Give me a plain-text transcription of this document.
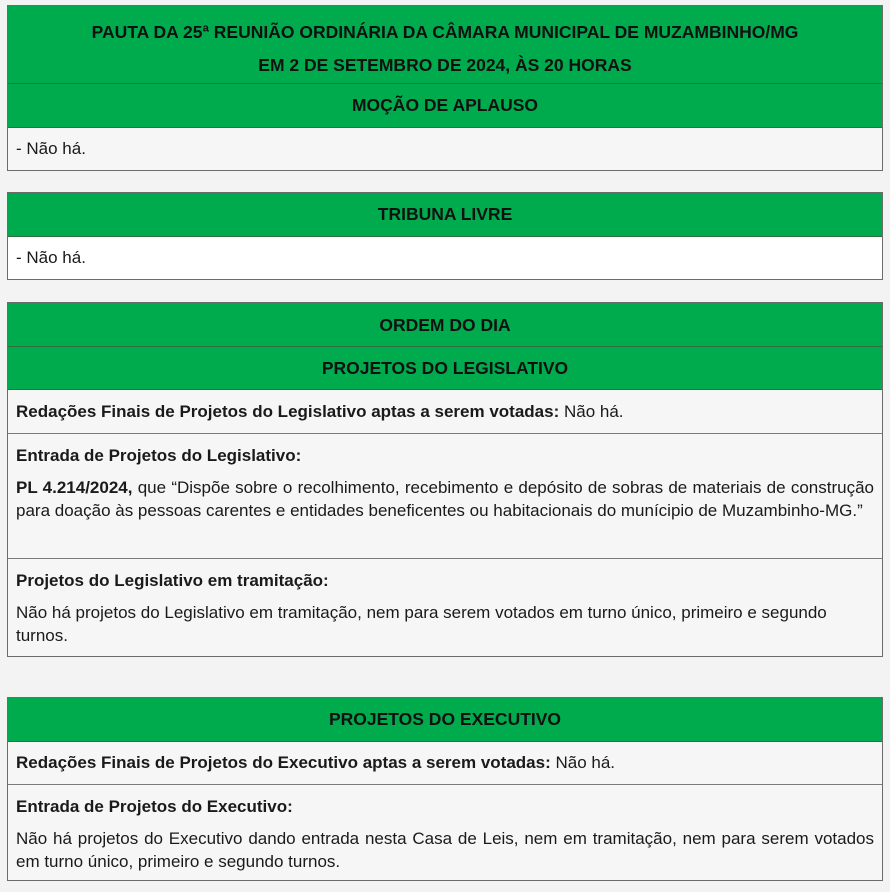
PAUTA DA 25ª REUNIÃO ORDINÁRIA DA CÂMARA MUNICIPAL DE MUZAMBINHO/MG
EM 2 DE SETEMBRO DE 2024, ÀS 20 HORAS
MOÇÃO DE APLAUSO
- Não há.
TRIBUNA LIVRE
- Não há.
ORDEM DO DIA
PROJETOS DO LEGISLATIVO
Redações Finais de Projetos do Legislativo aptas a serem votadas: Não há.
Entrada de Projetos do Legislativo:
PL 4.214/2024, que “Dispõe sobre o recolhimento, recebimento e depósito de sobras de materiais de construção para doação às pessoas carentes e entidades beneficentes ou habitacionais do munícipio de Muzambinho-MG.”
Projetos do Legislativo em tramitação:
Não há projetos do Legislativo em tramitação, nem para serem votados em turno único, primeiro e segundo turnos.
PROJETOS DO EXECUTIVO
Redações Finais de Projetos do Executivo aptas a serem votadas: Não há.
Entrada de Projetos do Executivo:
Não há projetos do Executivo dando entrada nesta Casa de Leis, nem em tramitação, nem para serem votados em turno único, primeiro e segundo turnos.
